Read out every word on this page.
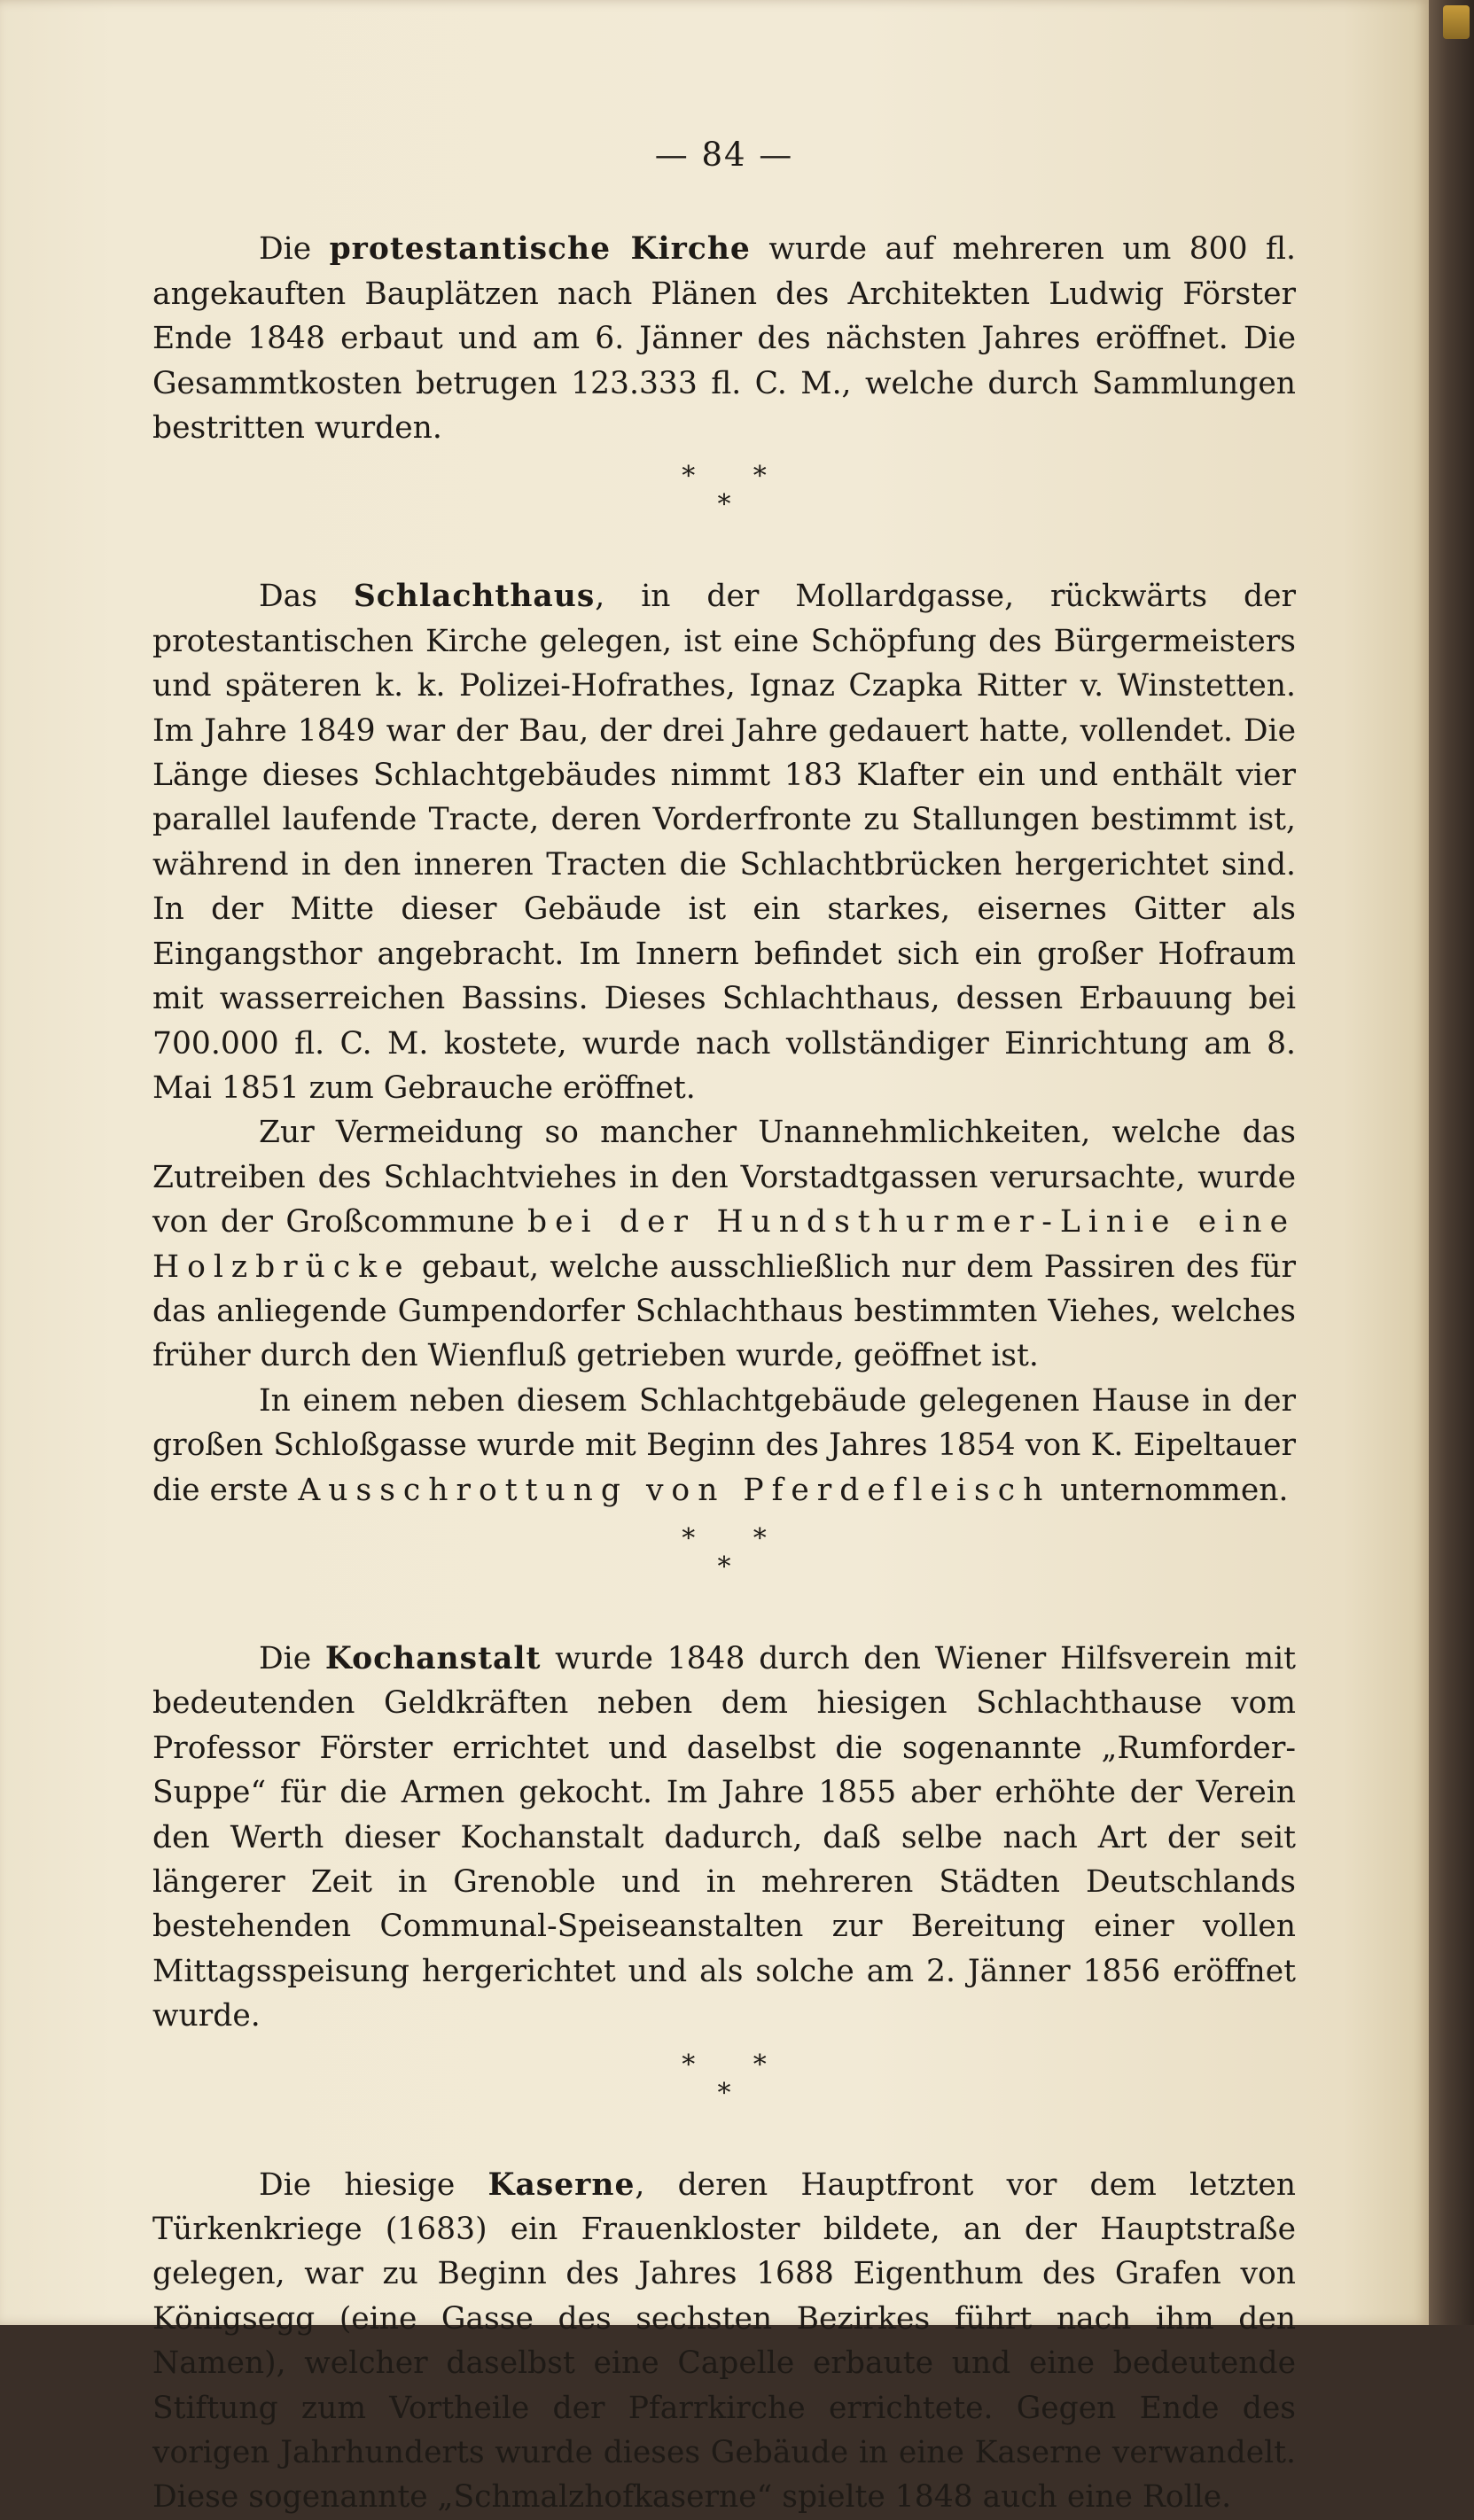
— 84 —

Die protestantische Kirche wurde auf mehreren um 800 fl. angekauften Bauplätzen nach Plänen des Architekten Ludwig Förster Ende 1848 erbaut und am 6. Jänner des nächsten Jahres eröffnet. Die Gesammtkosten betrugen 123.333 fl. C. M., welche durch Sammlungen bestritten wurden.

* *
*

Das Schlachthaus, in der Mollardgasse, rückwärts der protestantischen Kirche gelegen, ist eine Schöpfung des Bürgermeisters und späteren k. k. Polizei-Hofrathes, Ignaz Czapka Ritter v. Winstetten. Im Jahre 1849 war der Bau, der drei Jahre gedauert hatte, vollendet. Die Länge dieses Schlachtgebäudes nimmt 183 Klafter ein und enthält vier parallel laufende Tracte, deren Vorderfronte zu Stallungen bestimmt ist, während in den inneren Tracten die Schlachtbrücken hergerichtet sind. In der Mitte dieser Gebäude ist ein starkes, eisernes Gitter als Eingangsthor angebracht. Im Innern befindet sich ein großer Hofraum mit wasserreichen Bassins. Dieses Schlachthaus, dessen Erbauung bei 700.000 fl. C. M. kostete, wurde nach vollständiger Einrichtung am 8. Mai 1851 zum Gebrauche eröffnet.

Zur Vermeidung so mancher Unannehmlichkeiten, welche das Zutreiben des Schlachtviehes in den Vorstadtgassen verursachte, wurde von der Großcommune bei der Hundsthurmer-Linie eine Holzbrücke gebaut, welche ausschließlich nur dem Passiren des für das anliegende Gumpendorfer Schlachthaus bestimmten Viehes, welches früher durch den Wienfluß getrieben wurde, geöffnet ist.

In einem neben diesem Schlachtgebäude gelegenen Hause in der großen Schloßgasse wurde mit Beginn des Jahres 1854 von K. Eipeltauer die erste Ausschrottung von Pferdefleisch unternommen.

* *
*

Die Kochanstalt wurde 1848 durch den Wiener Hilfsverein mit bedeutenden Geldkräften neben dem hiesigen Schlachthause vom Professor Förster errichtet und daselbst die sogenannte „Rumforder-Suppe“ für die Armen gekocht. Im Jahre 1855 aber erhöhte der Verein den Werth dieser Kochanstalt dadurch, daß selbe nach Art der seit längerer Zeit in Grenoble und in mehreren Städten Deutschlands bestehenden Communal-Speiseanstalten zur Bereitung einer vollen Mittagsspeisung hergerichtet und als solche am 2. Jänner 1856 eröffnet wurde.

* *
*

Die hiesige Kaserne, deren Hauptfront vor dem letzten Türkenkriege (1683) ein Frauenkloster bildete, an der Hauptstraße gelegen, war zu Beginn des Jahres 1688 Eigenthum des Grafen von Königsegg (eine Gasse des sechsten Bezirkes führt nach ihm den Namen), welcher daselbst eine Capelle erbaute und eine bedeutende Stiftung zum Vortheile der Pfarrkirche errichtete. Gegen Ende des vorigen Jahrhunderts wurde dieses Gebäude in eine Kaserne verwandelt. Diese sogenannte „Schmalzhofkaserne“ spielte 1848 auch eine Rolle.
